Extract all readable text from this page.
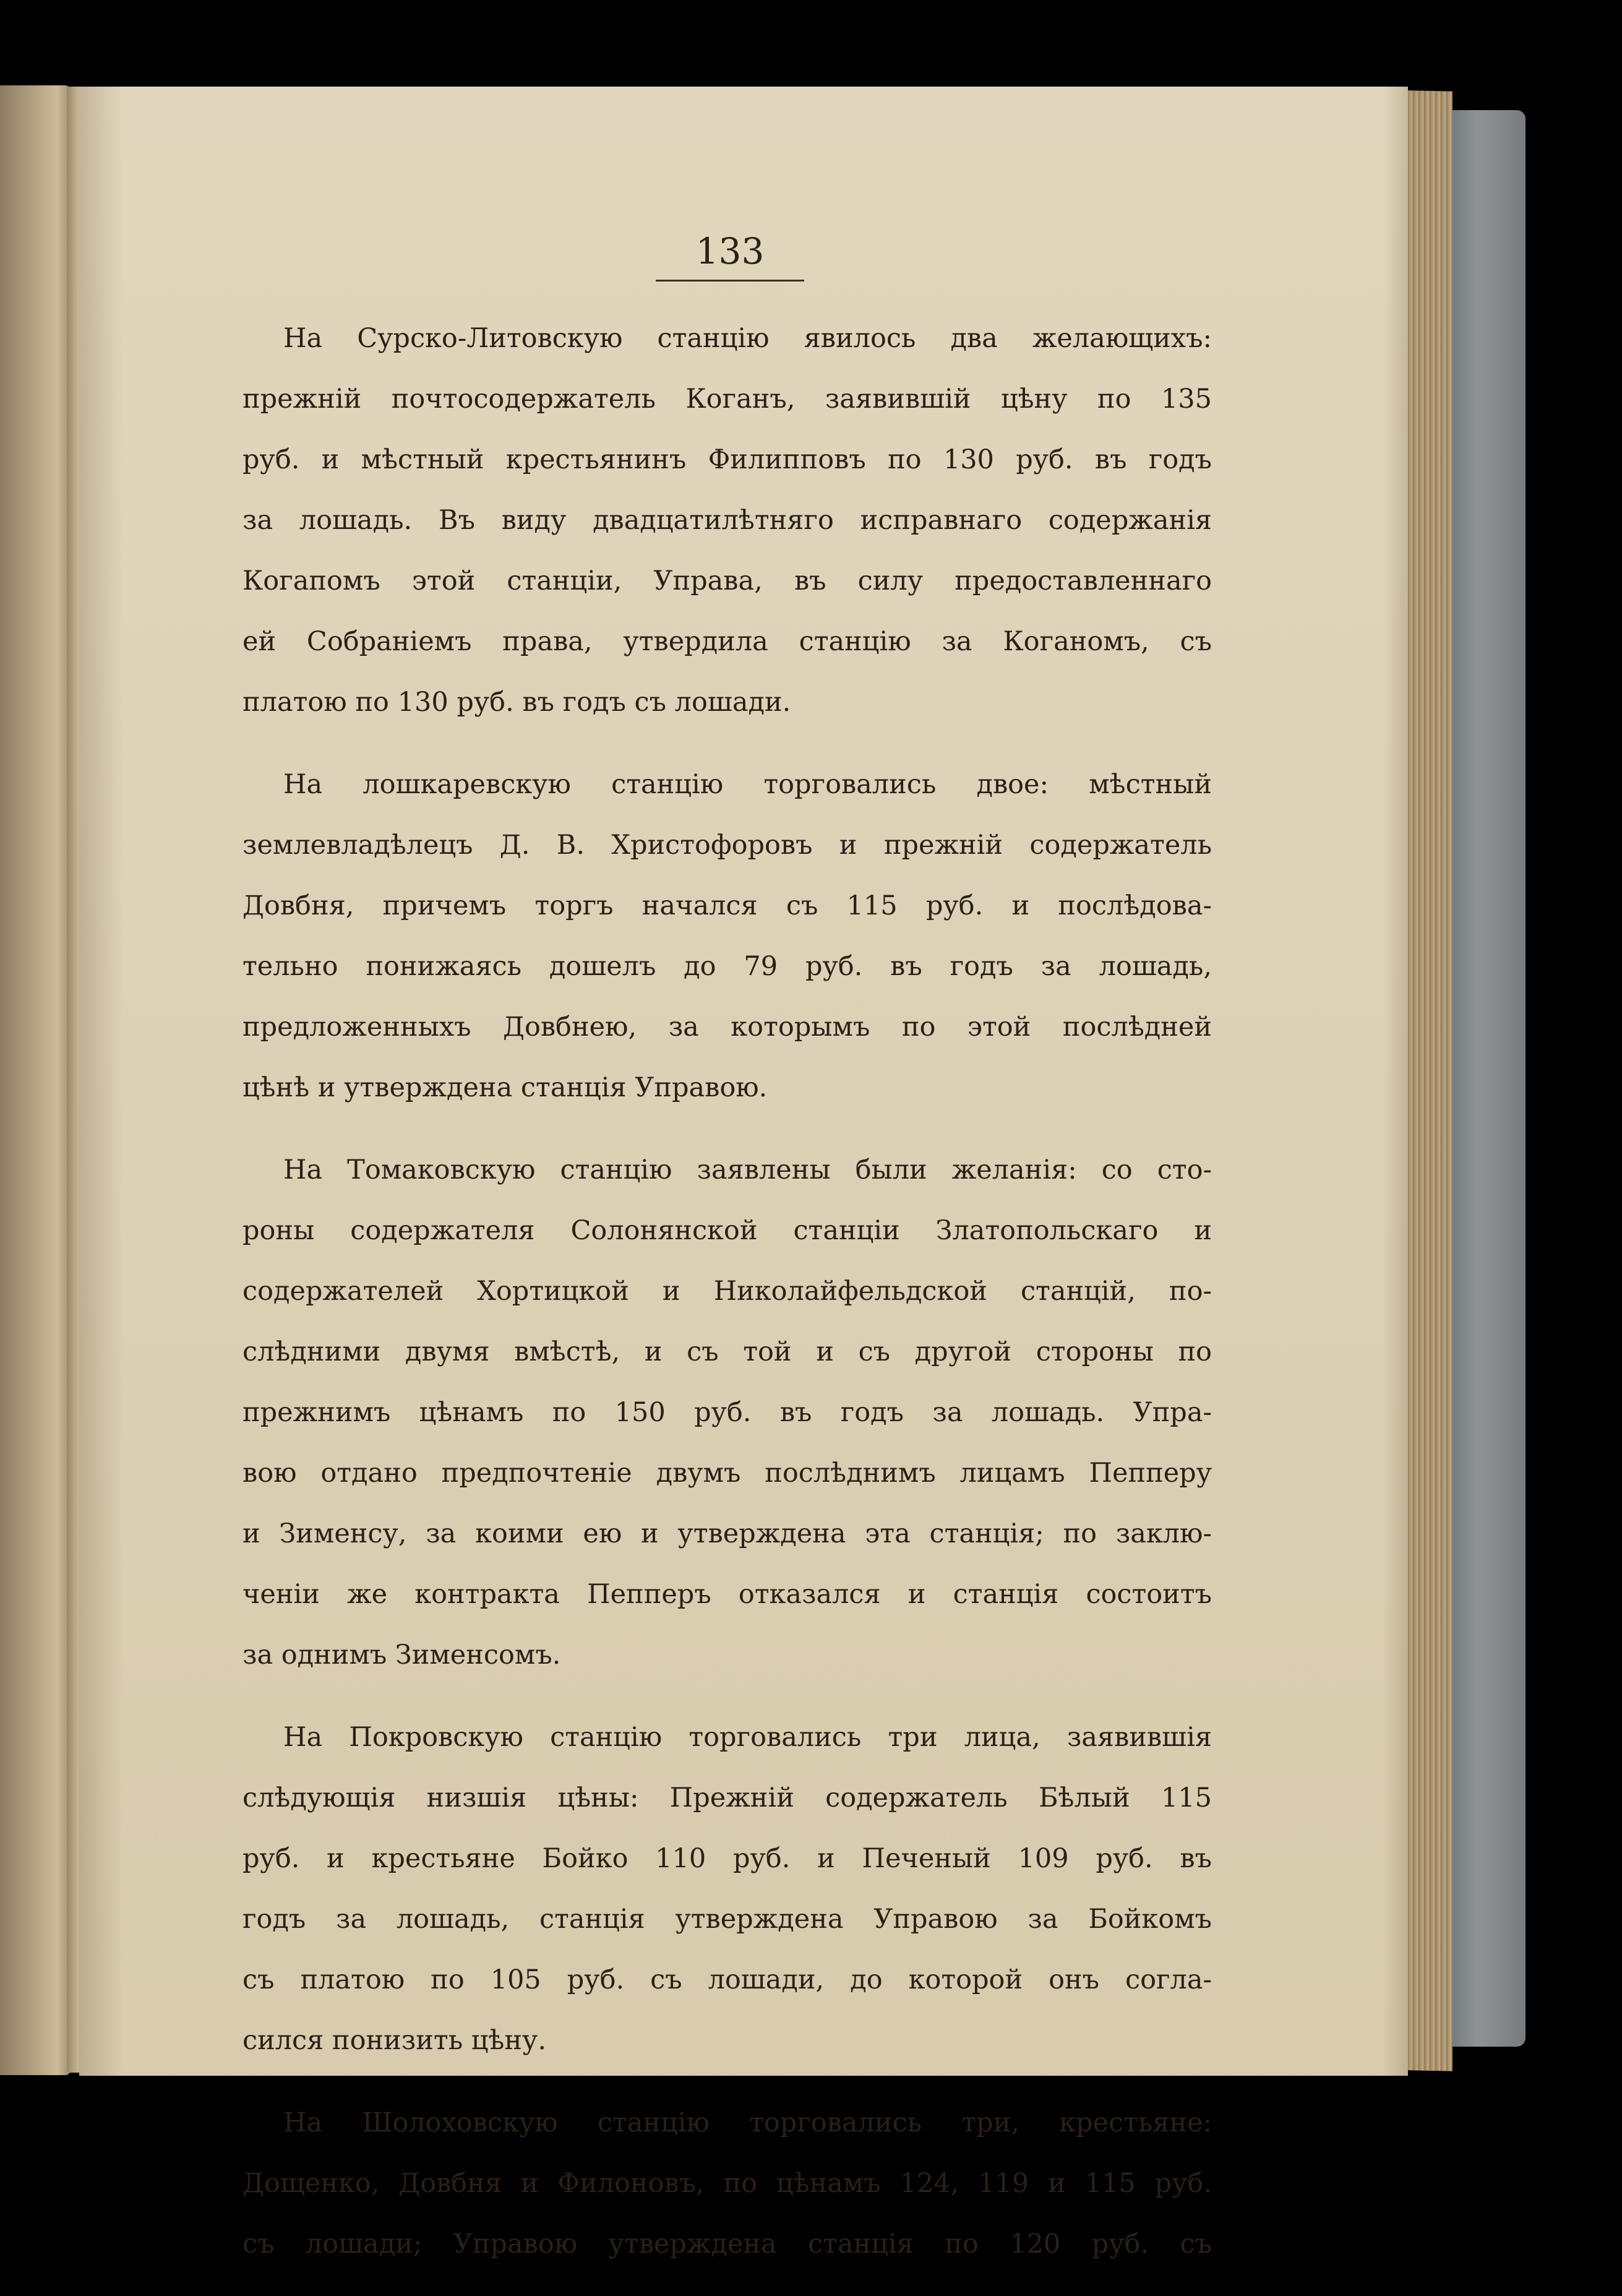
133
На Сурско-Литовскую станцію явилось два желающихъ:
прежній почтосодержатель Коганъ, заявившій цѣну по 135
руб. и мѣстный крестьянинъ Филипповъ по 130 руб. въ годъ
за лошадь. Въ виду двадцатилѣтняго исправнаго содержанія
Когапомъ этой станціи, Управа, въ силу предоставленнаго
ей Собраніемъ права, утвердила станцію за Коганомъ, съ
платою по 130 руб. въ годъ съ лошади.
На лошкаревскую станцію торговались двое: мѣстный
землевладѣлецъ Д. В. Христофоровъ и прежній содержатель
Довбня, причемъ торгъ начался съ 115 руб. и послѣдова-
тельно понижаясь дошелъ до 79 руб. въ годъ за лошадь,
предложенныхъ Довбнею, за которымъ по этой послѣдней
цѣнѣ и утверждена станція Управою.
На Томаковскую станцію заявлены были желанія: со сто-
роны содержателя Солонянской станціи Златопольскаго и
содержателей Хортицкой и Николайфельдской станцій, по-
слѣдними двумя вмѣстѣ, и съ той и съ другой стороны по
прежнимъ цѣнамъ по 150 руб. въ годъ за лошадь. Упра-
вою отдано предпочтеніе двумъ послѣднимъ лицамъ Пепперу
и Зименсу, за коими ею и утверждена эта станція; по заклю-
ченіи же контракта Пепперъ отказался и станція состоитъ
за однимъ Зименсомъ.
На Покровскую станцію торговались три лица, заявившія
слѣдующія низшія цѣны: Прежній содержатель Бѣлый 115
руб. и крестьяне Бойко 110 руб. и Печеный 109 руб. въ
годъ за лошадь, станція утверждена Управою за Бойкомъ
съ платою по 105 руб. съ лошади, до которой онъ согла-
сился понизить цѣну.
На Шолоховскую станцію торговались три, крестьяне:
Дощенко, Довбня и Филоновъ, по цѣнамъ 124, 119 и 115 руб.
съ лошади; Управою утверждена станція по 120 руб. съ
